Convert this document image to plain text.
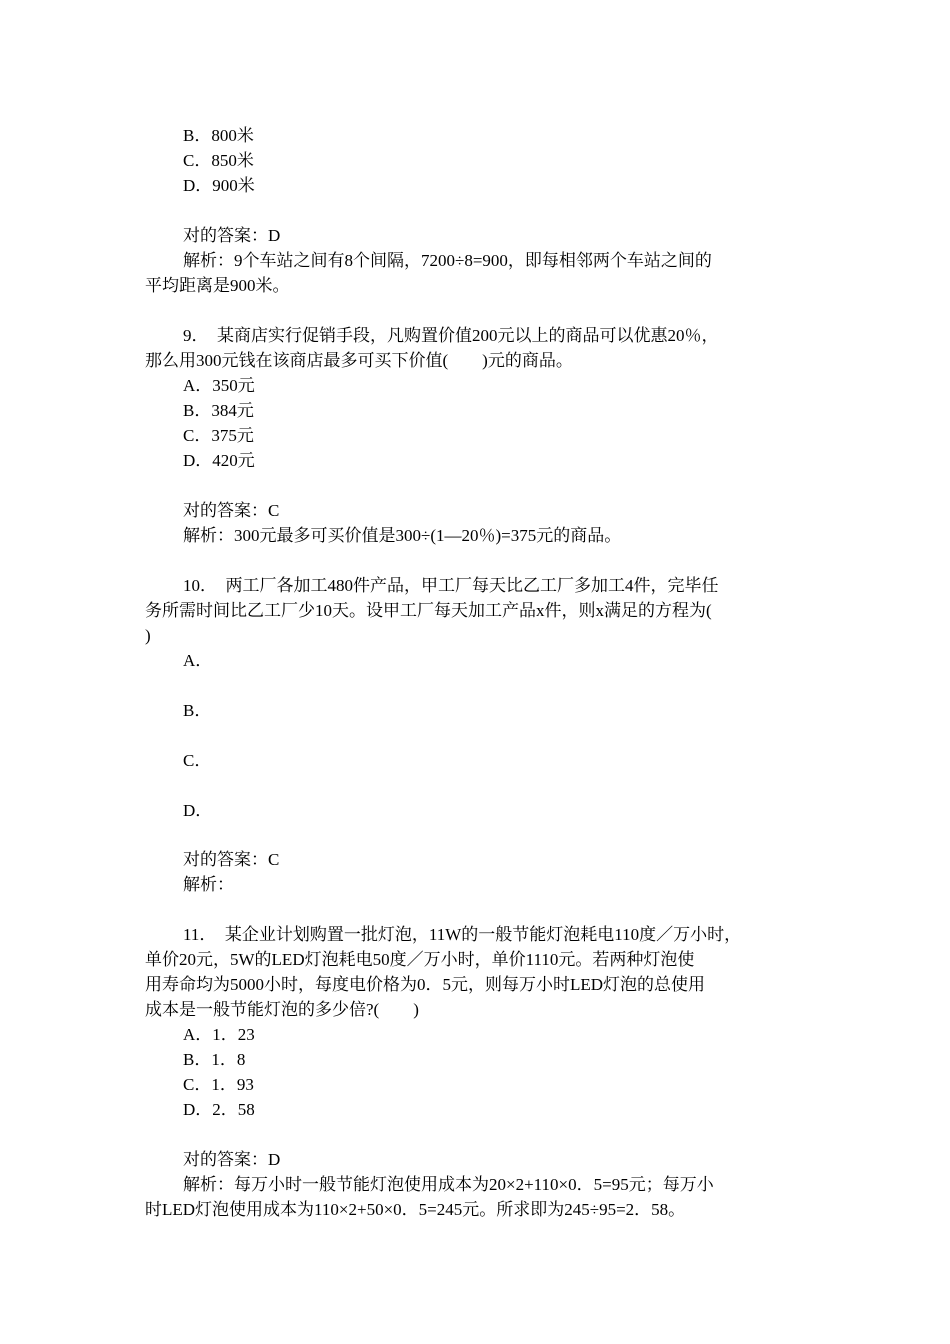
B．800米
C．850米
D．900米
对的答案：D
解析：9个车站之间有8个间隔，7200÷8=900，即每相邻两个车站之间的
平均距离是900米。
9．  某商店实行促销手段，凡购置价值200元以上的商品可以优惠20％，
那么用300元钱在该商店最多可买下价值(        )元的商品。
A．350元
B．384元
C．375元
D．420元
对的答案：C
解析：300元最多可买价值是300÷(1—20％)=375元的商品。
10．  两工厂各加工480件产品，甲工厂每天比乙工厂多加工4件，完毕任
务所需时间比乙工厂少10天。设甲工厂每天加工产品x件，则x满足的方程为(
)
A．
B．
C．
D．
对的答案：C
解析：
11．  某企业计划购置一批灯泡，11W的一般节能灯泡耗电110度／万小时，
单价20元，5W的LED灯泡耗电50度／万小时，单价1110元。若两种灯泡使
用寿命均为5000小时，每度电价格为0．5元，则每万小时LED灯泡的总使用
成本是一般节能灯泡的多少倍?(        )
A．1．23
B．1．8
C．1．93
D．2．58
对的答案：D
解析：每万小时一般节能灯泡使用成本为20×2+110×0．5=95元；每万小
时LED灯泡使用成本为110×2+50×0．5=245元。所求即为245÷95=2．58。
